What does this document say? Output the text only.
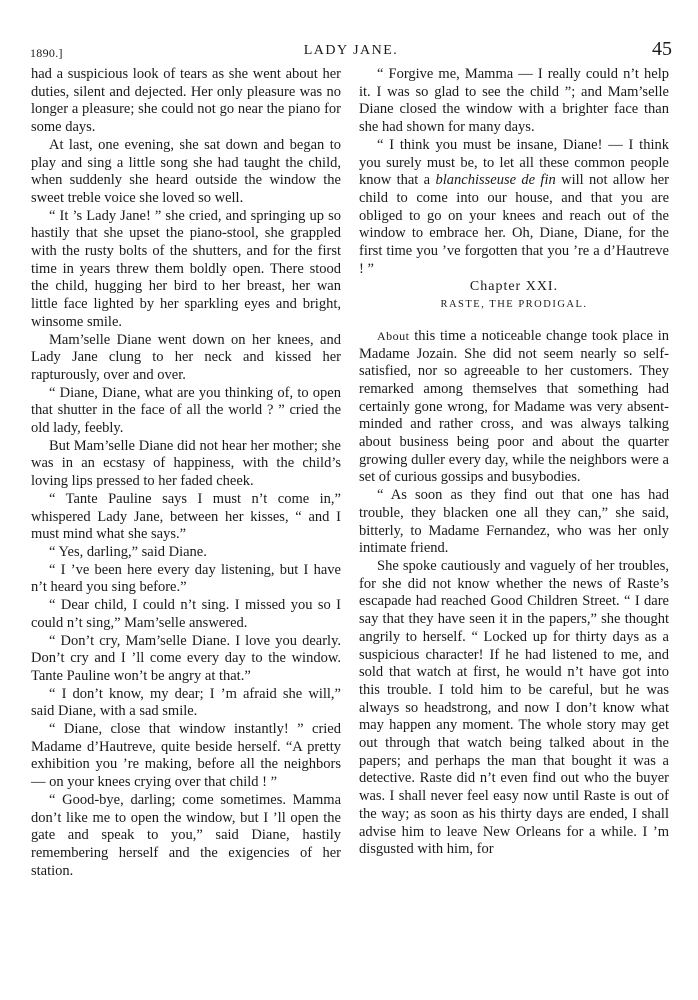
1890.]	LADY JANE.	45

had a suspicious look of tears as she went about her duties, silent and dejected. Her only pleasure was no longer a pleasure; she could not go near the piano for some days.

At last, one evening, she sat down and began to play and sing a little song she had taught the child, when suddenly she heard outside the window the sweet treble voice she loved so well.

“ It ’s Lady Jane! ” she cried, and springing up so hastily that she upset the piano-stool, she grappled with the rusty bolts of the shutters, and for the first time in years threw them boldly open. There stood the child, hugging her bird to her breast, her wan little face lighted by her sparkling eyes and bright, winsome smile.

Mam’selle Diane went down on her knees, and Lady Jane clung to her neck and kissed her rapturously, over and over.

“ Diane, Diane, what are you thinking of, to open that shutter in the face of all the world ? ” cried the old lady, feebly.

But Mam’selle Diane did not hear her mother; she was in an ecstasy of happiness, with the child’s loving lips pressed to her faded cheek.

“ Tante Pauline says I must n’t come in,” whispered Lady Jane, between her kisses, “ and I must mind what she says.”

“ Yes, darling,” said Diane.

“ I ’ve been here every day listening, but I have n’t heard you sing before.”

“ Dear child, I could n’t sing. I missed you so I could n’t sing,” Mam’selle answered.

“ Don’t cry, Mam’selle Diane. I love you dearly. Don’t cry and I ’ll come every day to the window. Tante Pauline won’t be angry at that.”

“ I don’t know, my dear; I ’m afraid she will,” said Diane, with a sad smile.

“ Diane, close that window instantly! ” cried Madame d’Hautreve, quite beside herself. “A pretty exhibition you ’re making, before all the neighbors — on your knees crying over that child ! ”

“ Good-bye, darling; come sometimes. Mamma don’t like me to open the window, but I ’ll open the gate and speak to you,” said Diane, hastily remembering herself and the exigencies of her station.

“ Forgive me, Mamma — I really could n’t help it. I was so glad to see the child ”; and Mam’selle Diane closed the window with a brighter face than she had shown for many days.

“ I think you must be insane, Diane! — I think you surely must be, to let all these common people know that a blanchisseuse de fin will not allow her child to come into our house, and that you are obliged to go on your knees and reach out of the window to embrace her. Oh, Diane, Diane, for the first time you ’ve forgotten that you ’re a d’Hautreve ! ”

Chapter XXI.

RASTE, THE PRODIGAL.

About this time a noticeable change took place in Madame Jozain. She did not seem nearly so self-satisfied, nor so agreeable to her customers. They remarked among themselves that something had certainly gone wrong, for Madame was very absent-minded and rather cross, and was always talking about business being poor and about the quarter growing duller every day, while the neighbors were a set of curious gossips and busybodies.

“ As soon as they find out that one has had trouble, they blacken one all they can,” she said, bitterly, to Madame Fernandez, who was her only intimate friend.

She spoke cautiously and vaguely of her troubles, for she did not know whether the news of Raste’s escapade had reached Good Children Street. “ I dare say that they have seen it in the papers,” she thought angrily to herself. “ Locked up for thirty days as a suspicious character! If he had listened to me, and sold that watch at first, he would n’t have got into this trouble. I told him to be careful, but he was always so headstrong, and now I don’t know what may happen any moment. The whole story may get out through that watch being talked about in the papers; and perhaps the man that bought it was a detective. Raste did n’t even find out who the buyer was. I shall never feel easy now until Raste is out of the way; as soon as his thirty days are ended, I shall advise him to leave New Orleans for a while. I ’m disgusted with him, for
